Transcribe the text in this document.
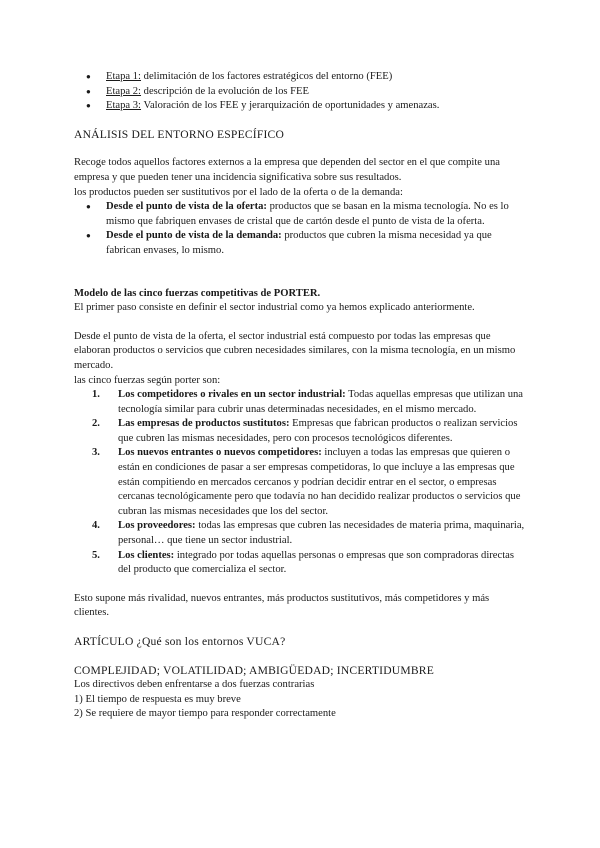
● Etapa 1: delimitación de los factores estratégicos del entorno (FEE)
● Etapa 2: descripción de la evolución de los FEE
● Etapa 3: Valoración de los FEE y jerarquización de oportunidades y amenazas.

ANÁLISIS DEL ENTORNO ESPECÍFICO

Recoge todos aquellos factores externos a la empresa que dependen del sector en el que compite una empresa y que pueden tener una incidencia significativa sobre sus resultados.

los productos pueden ser sustitutivos por el lado de la oferta o de la demanda:

● Desde el punto de vista de la oferta: productos que se basan en la misma tecnología. No es lo mismo que fabriquen envases de cristal que de cartón desde el punto de vista de la oferta.
● Desde el punto de vista de la demanda: productos que cubren la misma necesidad ya que fabrican envases, lo mismo.

Modelo de las cinco fuerzas competitivas de PORTER.

El primer paso consiste en definir el sector industrial como ya hemos explicado anteriormente.

Desde el punto de vista de la oferta, el sector industrial está compuesto por todas las empresas que elaboran productos o servicios que cubren necesidades similares, con la misma tecnología, en un mismo mercado.

las cinco fuerzas según porter son:

1. Los competidores o rivales en un sector industrial: Todas aquellas empresas que utilizan una tecnología similar para cubrir unas determinadas necesidades, en el mismo mercado.
2. Las empresas de productos sustitutos: Empresas que fabrican productos o realizan servicios que cubren las mismas necesidades, pero con procesos tecnológicos diferentes.
3. Los nuevos entrantes o nuevos competidores: incluyen a todas las empresas que quieren o están en condiciones de pasar a ser empresas competidoras, lo que incluye a las empresas que están compitiendo en mercados cercanos y podrían decidir entrar en el sector, o empresas cercanas tecnológicamente pero que todavía no han decidido realizar productos o servicios que cubran las mismas necesidades que los del sector.
4. Los proveedores: todas las empresas que cubren las necesidades de materia prima, maquinaria, personal… que tiene un sector industrial.
5. Los clientes: integrado por todas aquellas personas o empresas que son compradoras directas del producto que comercializa el sector.

Esto supone más rivalidad, nuevos entrantes, más productos sustitutivos, más competidores y más clientes.

ARTÍCULO ¿Qué son los entornos VUCA?

COMPLEJIDAD; VOLATILIDAD; AMBIGÜEDAD; INCERTIDUMBRE

Los directivos deben enfrentarse a dos fuerzas contrarias

1) El tiempo de respuesta es muy breve

2) Se requiere de mayor tiempo para responder correctamente
